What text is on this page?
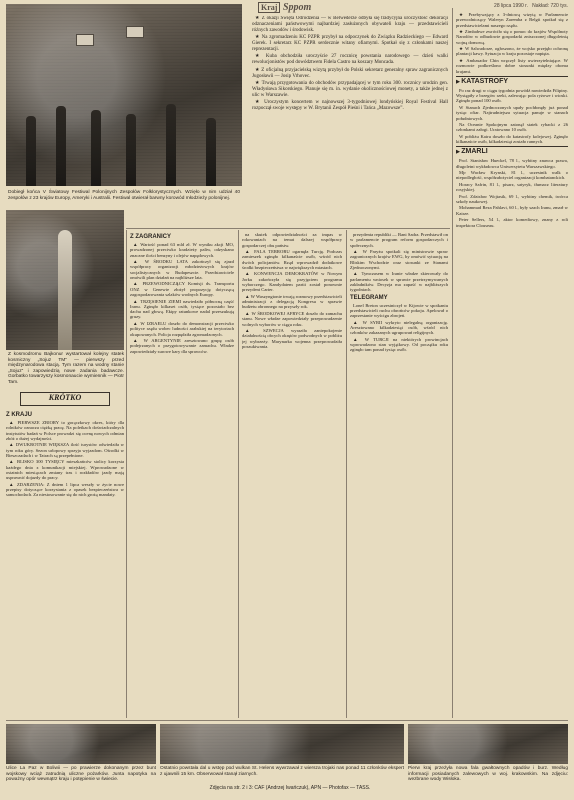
Kraj Sppom	28 lipca 1990 r. Nakład: 720 tys.
Dobiegł końca V Światowy Festiwal Polonijnych Zespołów Folklorystycznych. Wzięło w nim udział 40 zespołów z 23 krajów Europy, Ameryki i Australii. Festiwal otwierał barwny korowód młodzieży polonijnej.

★ Z okazji Święta Odrodzenia — w Belwederze odbyła się tradycyjna uroczystość dekoracji odznaczeniami państwowymi najbardziej zasłużonych obywateli kraju — przedstawicieli różnych zawodów i środowisk.

★ Na zgromadzeniu KC PZPR przybył na odpoczynek do Związku Radzieckiego — Edward Gierek. I sekretarz KC PZPR serdecznie witany ofiarnymi. Spotkał się z członkami naszej reprezentacji.

★ Kuba obchodziła uroczyście 27 rocznicę powstania narodowego — dzień walki rewolucjonistów pod dowództwem Fidela Castro na koszary Moncada.

★ Z oficjalną przyjacielską wizytą przybył do Polski sekretarz generalny spraw zagranicznych Jugosławii — Josip Vrhovec.

★ Trwają przygotowania do obchodów przypadającej w tym roku 300. rocznicy urodzin gen. Władysława Sikorskiego. Planuje się m. in. wydanie okolicznościowej monety, a także jednej z ulic w Warszawie.

★ Uroczystym koncertem w najnowszej 3-tygodniowej londyńskiej Royal Festival Hall rozpoczął swoje występy w W. Brytanii Zespół Pieśni i Tańca „Mazowsze”.

★ Przebywający z 3-dniową wizytą w Parlamencie przewodniczący Waleryn Zaremba z Belgii spotkał się z przedstawicielami naszego rządu.

★ Zimbabwe zwróciło się o pomoc do krajów Wspólnoty Narodów w odbudowie gospodarki zniszczonej długoletnią wojną domową.

★ W Salwadorze, ogłoszono, że wojsko przejęło ochronę plantacji kawy. Sytuacja w kraju pozostaje napięta.

★ Ambasador Chin wręczył listy uwierzytelniające. W rozmowie podkreślono dobre stosunki między oboma krajami.

▶ KATASTROFY

Po raz drugi w ciągu tygodnia powódź nawiedziła Filipiny. Wystąpiły z brzegów rzeki, zalewając pola ryżowe i wioski. Zginęło ponad 100 osób.

W Stanach Zjednoczonych upały pochłonęły już ponad tysiąc ofiar. Najtrudniejsza sytuacja panuje w stanach południowych.

Na Oceanie Spokojnym zatonął statek rybacki z 26 członkami załogi. Uratowano 10 osób.

W pobliżu Kairu doszło do katastrofy kolejowej. Zginęło kilkanaście osób, kilkadziesiąt zostało rannych.

▶ ZMARLI

Prof. Stanisław Hueckel, 78 l., wybitny znawca prawa, długoletni wykładowca Uniwersytetu Warszawskiego.

Mjr Wacław Krynski, 81 l., uczestnik walk o niepodległość, współzałożyciel organizacji kombatanckich.

Horacy Safrin, 81 l., pisarz, satyryk, tłumacz literatury rosyjskiej.

Prof. Zdzisław Wojtasik, 69 l., wybitny chemik, twórca szkoły naukowej.

Mohammad Reza Pahlavi, 60 l., były szach Iranu, zmarł w Kairze.

Peter Sellers, 54 l., aktor komediowy, znany z roli inspektora Clouseau.

Z kosmodromu Bajkonur wystartował kolejny statek kosmiczny „Sojuz TM” — pierwszy przed międzynarodowa stacją. Tym razem na wodny stanie „Sojuz” i zapowiedzią nowe zadania badawcze. Gorbatko towarzyszy kosmonaucie wymiennik — Piotr Tam.
KRÓTKO
Z KRAJU

▲ PIERWSZE ZBIORY to gorączkowy okres, który dla rolników oznacza ciężką pracę. Na poletkach doświadczalnych instytutów badań w Polsce prowadzi się ocenę nowych odmian zbóż o dużej wydajności.

▲ DWUKROTNIE WIĘKSZA ilość turystów odwiedziła w tym roku góry. Sezon urlopowy sprzyja wyjazdom. Ośrodki w Bieszczadach i w Tatrach są przepełnione.

▲ BLISKO 300 TYSIĘCY mieszkańców stolicy korzysta każdego dnia z komunikacji miejskiej. Wprowadzone w ostatnich miesiącach zmiany tras i rozkładów jazdy mają usprawnić dojazdy do pracy.

▲ ZDARZENIA: Z dniem 1 lipca weszły w życie nowe przepisy dotyczące korzystania z opasek bezpieczeństwa w samochodach. Za niestosowanie się do nich grożą mandaty.

Z ZAGRANICY

▲ Wartość ponad 63 mld zł. W wyniku akcji MO, prowadzonej przeciwko kradzieży paliw, odzyskano znaczne ilości benzyny i olejów napędowych.

▲ W ŚRODKU LATA zakończył się zjazd współpracy organizacji młodzieżowych krajów socjalistycznych w Budapeszcie. Przedstawiciele omówili plan działań na najbliższe lata.

▲ PRZEWODNICZĄCY Komisji ds. Transportu ONZ w Genewie złożył propozycję dotyczącą zagospodarowania szlaków wodnych Europy.

▲ TRZĘSIENIE ZIEMI nawiedziło północną część Iranu. Zginęło kilkaset osób, tysiące pozostało bez dachu nad głową. Ekipy ratunkowe nadal przeszukują gruzy.

▲ W IZRAELU doszło do demonstracji przeciwko polityce rządu wobec ludności arabskiej na terytoriach okupowanych. Policja rozpędziła zgromadzonych.

▲ W ARGENTYNIE aresztowano grupę osób podejrzanych o przygotowywanie zamachu. Władze zapowiedziały surowe kary dla sprawców.

na skutek odpowiedzialności za impas w rokowaniach na temat dalszej współpracy gospodarczej obu państw.

▲ FALA TERRORU ogarnęła Turcję. Podczas zamieszek zginęło kilkanaście osób, wśród nich dwóch policjantów. Rząd wprowadził dodatkowe środki bezpieczeństwa w największych miastach.

▲ KONWENCJA DEMOKRATÓW w Nowym Jorku zakończyła się przyjęciem programu wyborczego. Kandydatem partii został ponownie prezydent Carter.

▲ W Waszyngtonie trwają rozmowy przedstawicieli administracji z delegacją Kongresu w sprawie budżetu obronnego na przyszły rok.

▲ W ŚRODKOWEJ AFRYCE doszło do zamachu stanu. Nowe władze zapowiedziały przeprowadzenie wolnych wyborów w ciągu roku.

▲ SZWECJA wyraziła zaniepokojenie działalnością obcych okrętów podwodnych w pobliżu jej wybrzeży. Marynarka wojenna przeprowadziła poszukiwania.

prezydenta republiki — Bani Sadra. Przedstawił on w parlamencie program reform gospodarczych i społecznych.

▲ W Paryżu spotkali się ministrowie spraw zagranicznych krajów EWG, by omówić sytuację na Bliskim Wschodzie oraz stosunki ze Stanami Zjednoczonymi.

▲ Tymczasem w Iranie władze skierowały do parlamentu wniosek w sprawie przetrzymywanych zakładników. Decyzja ma zapaść w najbliższych tygodniach.

TELEGRAMY

Lonel Breton uczestniczył w Kijowie w spotkaniu przedstawicieli ruchu obrońców pokoju. Apelował o zaprzestanie wyścigu zbrojeń.

▲ W SYRII wykryto nielegalną organizację. Aresztowano kilkadziesiąt osób, wśród nich członków zakazanych ugrupowań religijnych.

▲ W TURCJI na niektórych prowincjach wprowadzono stan wyjątkowy. Od początku roku zginęło tam ponad tysiąc osób.

Ulice La Paz w Boliwii — po prawierze dokonanym przez bunt wojskowy wciąż zatrudnią uliczne pożarków. Junta napotyka na poważny opór wewnątrz kraju i potępienie w świecie.
Ostatnio powstała dal u wstęp pod wulkan St. Helens wywrzawał z wiersza trojaki nas ponad 11 członków ekspert z ujawnili 15 km. Obserwował stanął ziarnych.
Pierw kraj przeżyła nowa fala gwałtownych opadów i burz. Według informacji posiadanych zalewowych w woj. krakowskim. Na zdjęciu: wezbrane wody Wisłoka.
Zdjęcia na str. 2 i 3: CAF (Andrzej Iwańczuk), APN — Photofax — TASS.
